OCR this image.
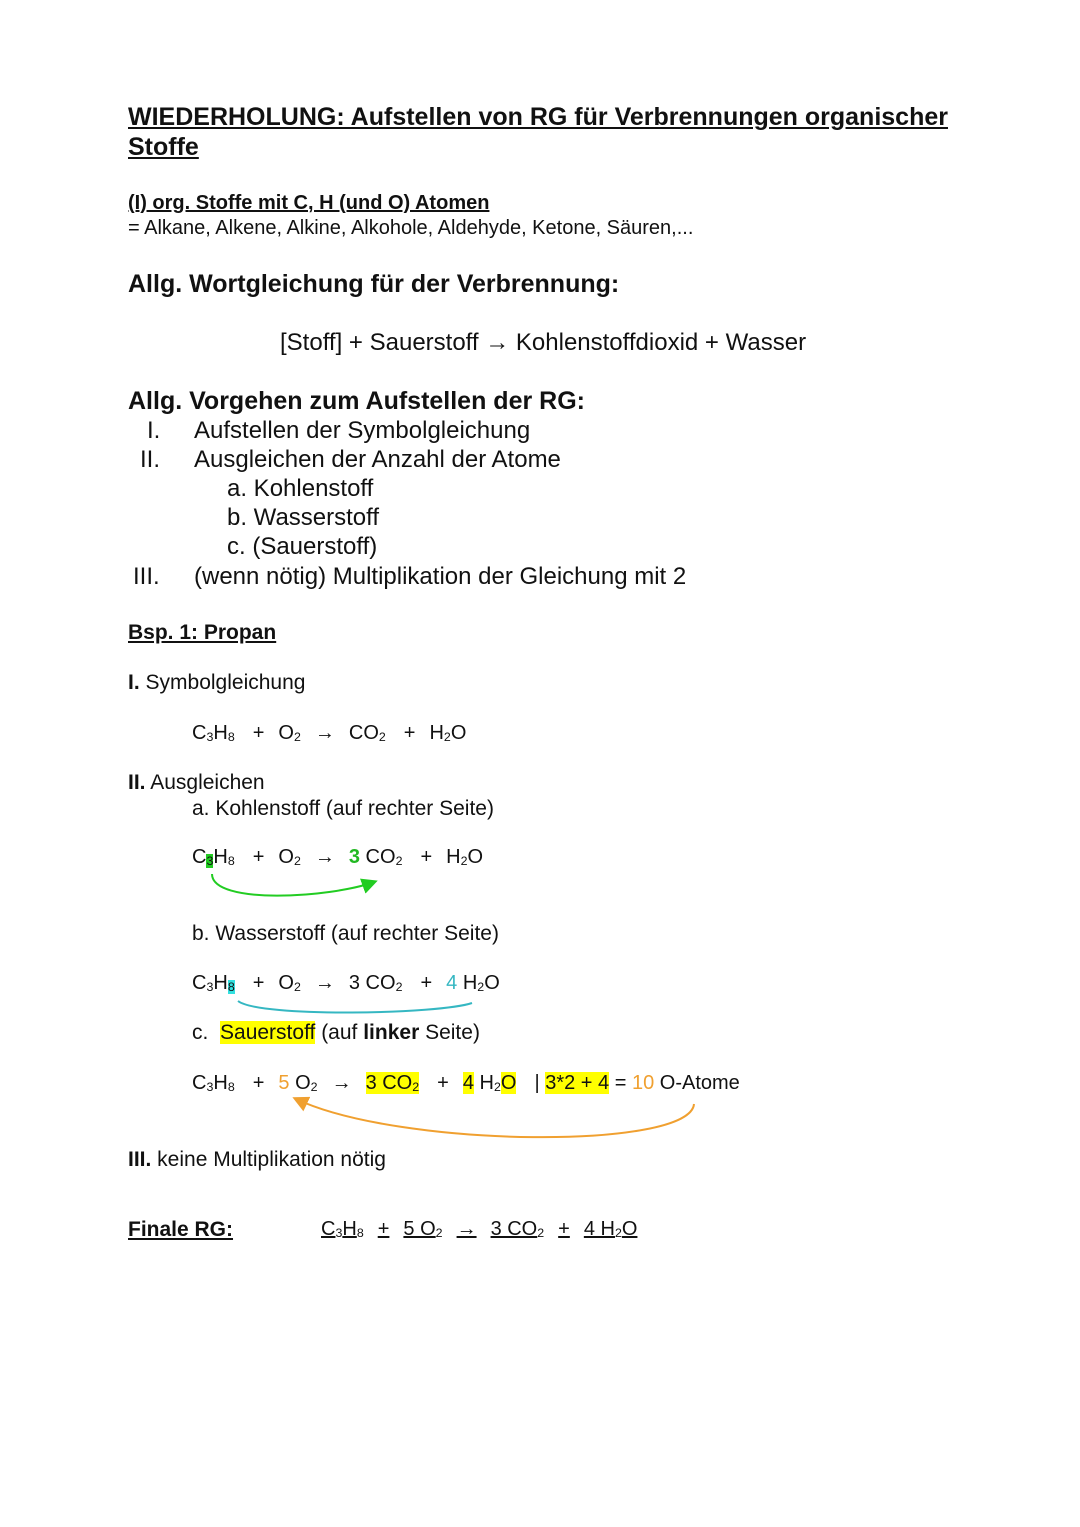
WIEDERHOLUNG: Aufstellen von RG für Verbrennungen organischer
Stoffe
(I) org. Stoffe mit C, H (und O) Atomen
= Alkane, Alkene, Alkine, Alkohole, Aldehyde, Ketone, Säuren,...
Allg. Wortgleichung für der Verbrennung:
[Stoff] + Sauerstoff → Kohlenstoffdioxid + Wasser
Allg. Vorgehen zum Aufstellen der RG:
I. Aufstellen der Symbolgleichung
II. Ausgleichen der Anzahl der Atome
a. Kohlenstoff
b. Wasserstoff
c. (Sauerstoff)
III. (wenn nötig) Multiplikation der Gleichung mit 2
Bsp. 1: Propan
I. Symbolgleichung
$C_3H_8 + O_2 \to CO_2 + H_2O$
II. Ausgleichen
a. Kohlenstoff (auf rechter Seite)
$C_3H_8 + O_2 \to 3$ $CO_2 + H_2O$
b. Wasserstoff (auf rechter Seite)
$C_3H_8 + O_2 \to 3$ $CO_2 + 4$ $H_2O$
c. Sauerstoff (auf linker Seite)
$C_3H_8 + 5$ $O_2 \to 3$ $CO_2 + 4$ $H_2O$ | 3*2 + 4 = 10 O-Atome
III. keine Multiplikation nötig
Finale RG:	$C_3H_8 + 5$ $O_2 \to 3$ $CO_2 + 4$ $H_2O$
